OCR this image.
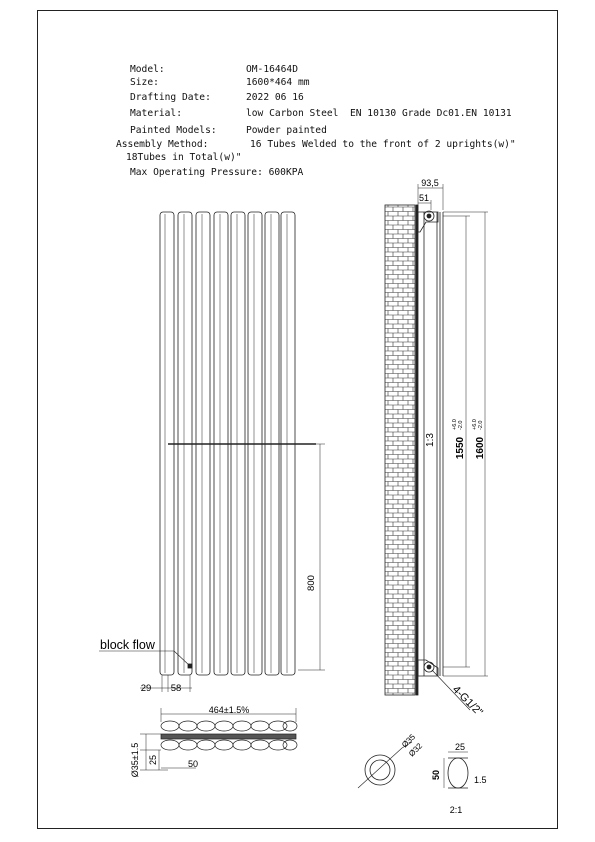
Model:	OM-16464D
Size:	1600*464 mm
Drafting Date:	2022 06 16
Material:	low Carbon Steel  EN 10130 Grade Dc01.EN 10131
Painted Models:	Powder painted
Assembly Method:	16 Tubes Welded to the front of 2 uprights(w)"
18Tubes in Total(w)"
Max Operating Pressure: 600KPA
800
29 58
block flow
93,5
51
1:3 1550
+6.0 -2.0
1600
+6.0 -2.0
4-G1/2"
464±1.5%
Ø35±1.5 25	50
Ø35
Ø32	25
50	1.5
2:1
